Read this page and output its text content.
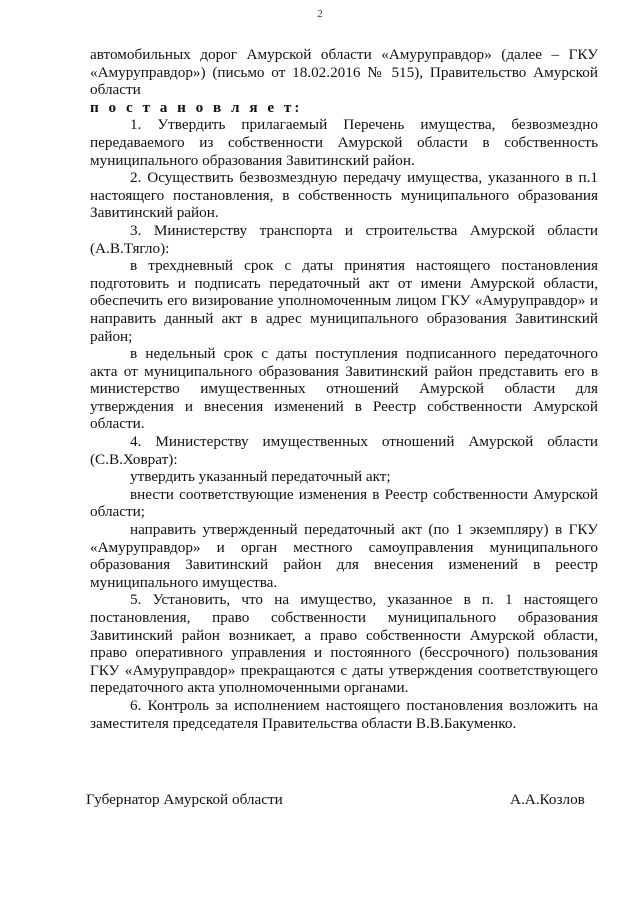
2

автомобильных дорог Амурской области «Амуруправдор» (далее – ГКУ «Амуруправдор») (письмо от 18.02.2016 № 515), Правительство Амурской области

п о с т а н о в л я е т:

1. Утвердить прилагаемый Перечень имущества, безвозмездно передаваемого из собственности Амурской области в собственность муниципального образования Завитинский район.

2. Осуществить безвозмездную передачу имущества, указанного в п.1 настоящего постановления, в собственность муниципального образования Завитинский район.

3. Министерству транспорта и строительства Амурской области (А.В.Тягло):

в трехдневный срок с даты принятия настоящего постановления подготовить и подписать передаточный акт от имени Амурской области, обеспечить его визирование уполномоченным лицом ГКУ «Амуруправдор» и направить данный акт в адрес муниципального образования Завитинский район;

в недельный срок с даты поступления подписанного передаточного акта от муниципального образования Завитинский район представить его в министерство имущественных отношений Амурской области для утверждения и внесения изменений в Реестр собственности Амурской области.

4. Министерству имущественных отношений Амурской области (С.В.Ховрат):

утвердить указанный передаточный акт;

внести соответствующие изменения в Реестр собственности Амурской области;

направить утвержденный передаточный акт (по 1 экземпляру) в ГКУ «Амуруправдор» и орган местного самоуправления муниципального образования Завитинский район для внесения изменений в реестр муниципального имущества.

5. Установить, что на имущество, указанное в п. 1 настоящего постановления, право собственности муниципального образования Завитинский район возникает, а право собственности Амурской области, право оперативного управления и постоянного (бессрочного) пользования ГКУ «Амуруправдор» прекращаются с даты утверждения соответствующего передаточного акта уполномоченными органами.

6. Контроль за исполнением настоящего постановления возложить на заместителя председателя Правительства области В.В.Бакуменко.

Губернатор Амурской области	А.А.Козлов
